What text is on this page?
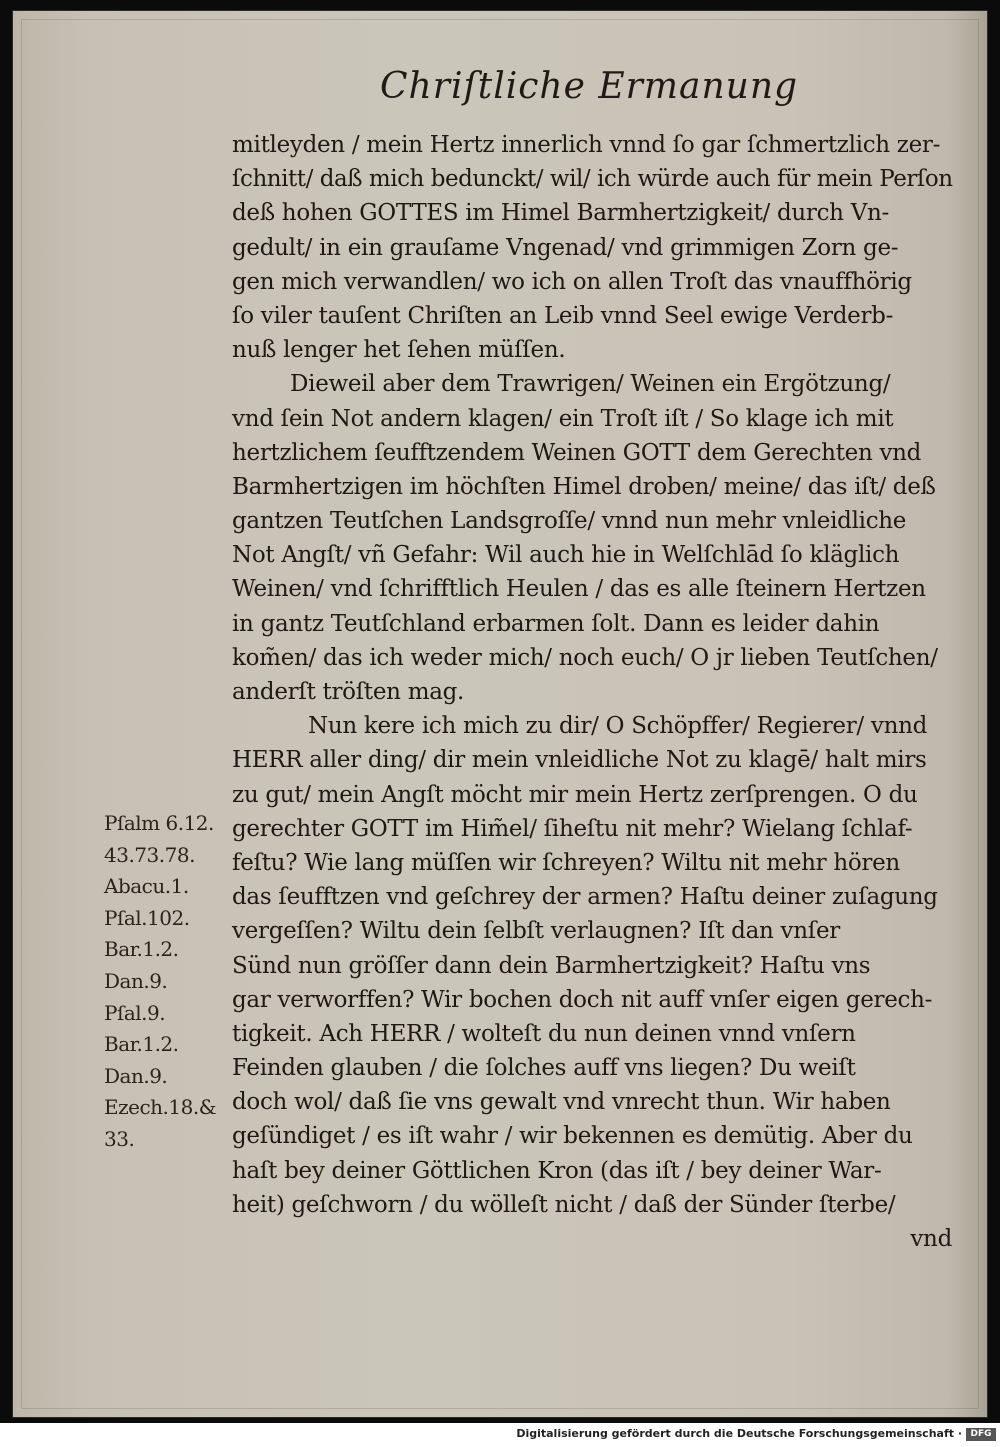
Chriſtliche Ermanung
mitleyden / mein Hertz innerlich vnnd ſo gar ſchmertzlich zer-
ſchnitt/ daß mich bedunckt/ wil/ ich würde auch für mein Perſon
deß hohen GOTTES im Himel Barmhertzigkeit/ durch Vn-
gedult/ in ein grauſame Vngenad/ vnd grimmigen Zorn ge-
gen mich verwandlen/ wo ich on allen Troſt das vnauffhörig
ſo viler tauſent Chriſten an Leib vnnd Seel ewige Verderb-
nuß lenger het ſehen müſſen.
Dieweil aber dem Trawrigen/ Weinen ein Ergötzung/
vnd ſein Not andern klagen/ ein Troſt iſt / So klage ich mit
hertzlichem ſeufftzendem Weinen GOTT dem Gerechten vnd
Barmhertzigen im höchſten Himel droben/ meine/ das iſt/ deß
gantzen Teutſchen Landsgroſſe/ vnnd nun mehr vnleidliche
Not Angſt/ vñ Gefahr: Wil auch hie in Welſchlād ſo kläglich
Weinen/ vnd ſchrifftlich Heulen / das es alle ſteinern Hertzen
in gantz Teutſchland erbarmen ſolt. Dann es leider dahin
kom̃en/ das ich weder mich/ noch euch/ O jr lieben Teutſchen/
anderſt tröſten mag.
Nun kere ich mich zu dir/ O Schöpffer/ Regierer/ vnnd
HERR aller ding/ dir mein vnleidliche Not zu klagē/ halt mirs
zu gut/ mein Angſt möcht mir mein Hertz zerſprengen. O du
gerechter GOTT im Him̃el/ ſiheſtu nit mehr? Wielang ſchlaf-
feſtu? Wie lang müſſen wir ſchreyen? Wiltu nit mehr hören
das ſeufftzen vnd geſchrey der armen? Haſtu deiner zuſagung
vergeſſen? Wiltu dein ſelbſt verlaugnen? Iſt dan vnſer
Sünd nun gröſſer dann dein Barmhertzigkeit? Haſtu vns
gar verworffen? Wir bochen doch nit auff vnſer eigen gerech-
tigkeit. Ach HERR / wolteſt du nun deinen vnnd vnſern
Feinden glauben / die ſolches auff vns liegen? Du weiſt
doch wol/ daß ſie vns gewalt vnd vnrecht thun. Wir haben
geſündiget / es iſt wahr / wir bekennen es demütig. Aber du
haſt bey deiner Göttlichen Kron (das iſt / bey deiner War-
heit) geſchworn / du wölleſt nicht / daß der Sünder ſterbe/
vnd
Pſalm 6.12.
43.73.78.
Abacu.1.
Pſal.102.
Bar.1.2.
Dan.9.
Pſal.9.
Bar.1.2.
Dan.9.
Ezech.18.&
33.
Digitalisierung gefördert durch die Deutsche Forschungsgemeinschaft · DFG
